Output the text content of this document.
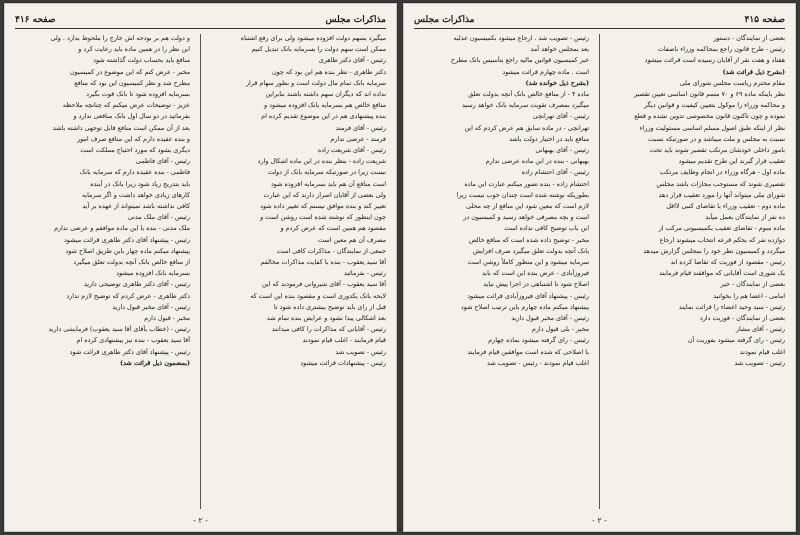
مذاکرات مجلس
صفحه ۴۱۶
میگیرد بسهم دولت افزوده میشود ولی برای رفع اشتباه
ممکن است سهم دولت را بسرمایه بانک تبدیل کنیم
رئیس - آقای دکتر طاهری
دکتر طاهری - نظر بنده هم این بود که چون
سرمایه بانک تمام مال دولت است و بطور سهام قرار
نداده اند که دیگران سهم داشته باشند بنابراین
منافع خالص هم بسرمایه بانک افزوده میشود و
بنده پیشنهادی هم در این موضوع تقدیم کرده ام
رئیس - آقای فرمند
فرمند - عرضی ندارم
رئیس - آقای شریعت زاده
شریعت زاده - بنظر بنده در این ماده اشکال وارد
نیست زیرا در صورتیکه سرمایه بانک از دولت
است منافع آن هم باید بسرمایه افزوده شود
ولی بعضی از آقایان اصرار دارند که این عبارت
تغییر کند و بنده موافق نیستم که تغییر داده شود
چون اینطور که نوشته شده است روشن است و
مقصود هم همین است که عرض کردم و
مصرف آن هم معین است
جمعی از نمایندگان - مذاکرات کافی است
آقا سید یعقوب - بنده با کفایت مذاکرات مخالفم
رئیس - بفرمائید
آقا سید یعقوب - آقای شیروانی فرمودند که این
لایحه بانک یکدوری است و مقصود بنده این است که
قبل از رای باید توضیح بیشتری داده شود تا
بعد اشکالی پیدا نشود و عرایض بنده تمام شد
رئیس - آقایانی که مذاکرات را کافی میدانند
قیام فرمایند - اغلب قیام نمودند
رئیس - تصویب شد
رئیس - پیشنهادات قرائت میشود
و دولت هم بر بودجه اش خارج را ملحوظ بدارد . ولی
این نظر را در همین ماده باید رعایت کرد و
منافع باید بحساب دولت گذاشته شود
مخبر - عرض کنم که این موضوع در کمیسیون
مطرح شد و نظر کمیسیون این بود که منافع
بسرمایه افزوده شود تا بانک قوت بگیرد
عزیز - توضیحات عرض میکنم که چنانچه ملاحظه
بفرمائید در دو سال اول بانک منافعی ندارد و
بعد از آن ممکن است منافع قابل توجهی داشته باشد
و بنده عقیده دارم که این منافع صرف امور
دیگری بشود که مورد احتیاج مملکت است
رئیس - آقای فاطمی
فاطمی - بنده عقیده دارم که سرمایه بانک
باید بتدریج زیاد شود زیرا بانک در آینده
کارهای زیادی خواهد داشت و اگر سرمایه
کافی نداشته باشد نمیتواند از عهده بر آید
رئیس - آقای ملک مدنی
ملک مدنی - بنده با این ماده موافقم و عرضی ندارم
رئیس - پیشنهاد آقای دکتر طاهری قرائت میشود
پیشنهاد میکنم ماده چهار باین طریق اصلاح شود
از منافع خالص بانک آنچه بدولت تعلق میگیرد
بسرمایه بانک افزوده میشود
رئیس - آقای دکتر طاهری توضیحی دارید
دکتر طاهری - عرض کردم که توضیح لازم ندارد
رئیس - آقای مخبر قبول دارید
مخبر - قبول دارم
رئیس - (خطاب بآقای آقا سید یعقوب) فرمایشی دارید
آقا سید یعقوب - بنده نیز پیشنهادی کرده ام
رئیس - پیشنهاد آقای دکتر طاهری قرائت شود
(بمضمون ذیل قرائت شد)
- ۲ -
صفحه ۴۱۵
مذاکرات مجلس
بعضی از نمایندگان - دستور
رئیس - طرح قانون راجع بمحاکمه وزراء باصفات
هفتاد و هفت نفر از آقایان رسیده است قرائت میشود
(بشرح ذیل قرائت شد)
مقام محترم ریاست مجلس شورای ملی
نظر باینکه ماده ۶۹ و ۷۰ متمم قانون اساسی تعیین تقصیر
و محاکمه وزراء را موکول بتعیین کیفیت و قوانین دیگر
نموده و چون تاکنون قانون مخصوصی تدوین نشده و قطع
نظر از اینکه طبق اصول مسلم اساسی مسئولیت وزراء
نسبت به مجلس و ملت میباشد و در صورتیکه نسبت
بامور داخلی خودشان مرتکب تقصیر شوند باید تحت
تعقیب قرار گیرند این طرح تقدیم میشود
ماده اول - هرگاه وزراء در انجام وظایف مرتکب
تقصیری شوند که مستوجب مجازات باشد مجلس
شورای ملی میتواند آنها را مورد تعقیب قرار دهد
ماده دوم - تعقیب وزراء با تقاضای کتبی لااقل
ده نفر از نمایندگان بعمل میآید
ماده سوم - تقاضای تعقیب بکمیسیونی مرکب از
دوازده نفر که بحکم قرعه انتخاب میشوند ارجاع
میگردد و کمیسیون نظر خود را بمجلس گزارش میدهد
رئیس - مقصود از فوریت که تقاضا کرده اند
یک شوری است آقایانی که موافقند قیام فرمایند
بعضی از نمایندگان - خیر
امامی - اعضا هم را بخوانید
رئیس - سید وحید اعضاء را قرائت نمایند
بعضی از نمایندگان - فوریت دارد
رئیس - آقای مشار
رئیس - رای گرفته میشود بفوریت آن
اغلب قیام نمودند
رئیس - تصویب شد
رئیس - تصویب شد . ارجاع میشود بکمیسیون عدلیه
بعد بمجلس خواهد آمد
خبر کمیسیون قوانین مالیه راجع بتأسیس بانک مطرح
است . ماده چهارم قرائت میشود
(بشرح ذیل خوانده شد)
ماده ۴ - از منافع خالص بانک آنچه بدولت تعلق
میگیرد بمصرف تقویت سرمایه بانک خواهد رسید
رئیس - آقای تهرانچی
تهرانچی - در ماده سابق هم عرض کردم که این
منافع باید در اختیار دولت باشد
رئیس - آقای بهبهانی
بهبهانی - بنده در این ماده عرضی ندارم
رئیس - آقای احتشام زاده
احتشام زاده - بنده تصور میکنم عبارت این ماده
بطوریکه نوشته شده است چندان خوب نیست زیرا
لازم است که معین شود این منافع از چه محلی
است و بچه مصرفی خواهد رسید و کمیسیون در
این باب توضیح کافی نداده است
مخبر - توضیح داده شده است که منافع خالص
بانک آنچه بدولت تعلق میگیرد صرف افزایش
سرمایه میشود و این منظور کاملاً روشن است
فیروزآبادی - عرض بنده این است که باید
اصلاح شود تا اشتباهی در اجرا پیش نیاید
رئیس - پیشنهاد آقای فیروزآبادی قرائت میشود
پیشنهاد میکنم ماده چهارم باین ترتیب اصلاح شود
رئیس - آقای مخبر قبول دارید
مخبر - بلی قبول دارم
رئیس - رای گرفته میشود بماده چهارم
با اصلاحی که شده است موافقین قیام فرمایند
اغلب قیام نمودند - رئیس - تصویب شد
- ۲ -
